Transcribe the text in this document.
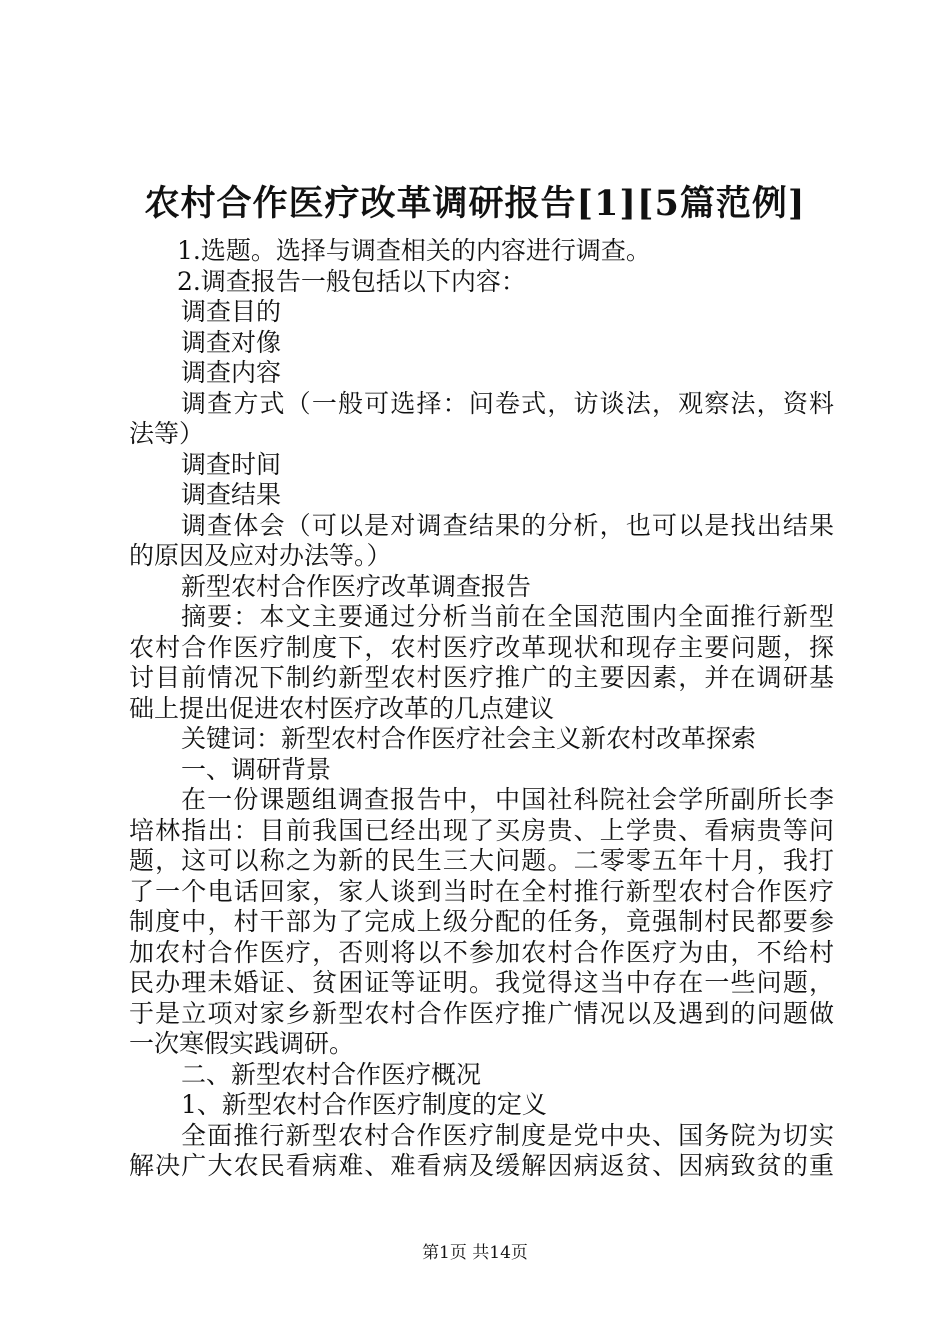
农村合作医疗改革调研报告[1][5篇范例]
1.选题。选择与调查相关的内容进行调查。
2.调查报告一般包括以下内容：
调查目的
调查对像
调查内容
调查方式（一般可选择：问卷式，访谈法，观察法，资料
法等）
调查时间
调查结果
调查体会（可以是对调查结果的分析，也可以是找出结果
的原因及应对办法等。）
新型农村合作医疗改革调查报告
摘要：本文主要通过分析当前在全国范围内全面推行新型
农村合作医疗制度下，农村医疗改革现状和现存主要问题，探
讨目前情况下制约新型农村医疗推广的主要因素，并在调研基
础上提出促进农村医疗改革的几点建议
关键词：新型农村合作医疗社会主义新农村改革探索
一、调研背景
在一份课题组调查报告中，中国社科院社会学所副所长李
培林指出：目前我国已经出现了买房贵、上学贵、看病贵等问
题，这可以称之为新的民生三大问题。二零零五年十月，我打
了一个电话回家，家人谈到当时在全村推行新型农村合作医疗
制度中，村干部为了完成上级分配的任务，竟强制村民都要参
加农村合作医疗，否则将以不参加农村合作医疗为由，不给村
民办理未婚证、贫困证等证明。我觉得这当中存在一些问题，
于是立项对家乡新型农村合作医疗推广情况以及遇到的问题做
一次寒假实践调研。
二、新型农村合作医疗概况
1、新型农村合作医疗制度的定义
全面推行新型农村合作医疗制度是党中央、国务院为切实
解决广大农民看病难、难看病及缓解因病返贫、因病致贫的重
第1页 共14页
